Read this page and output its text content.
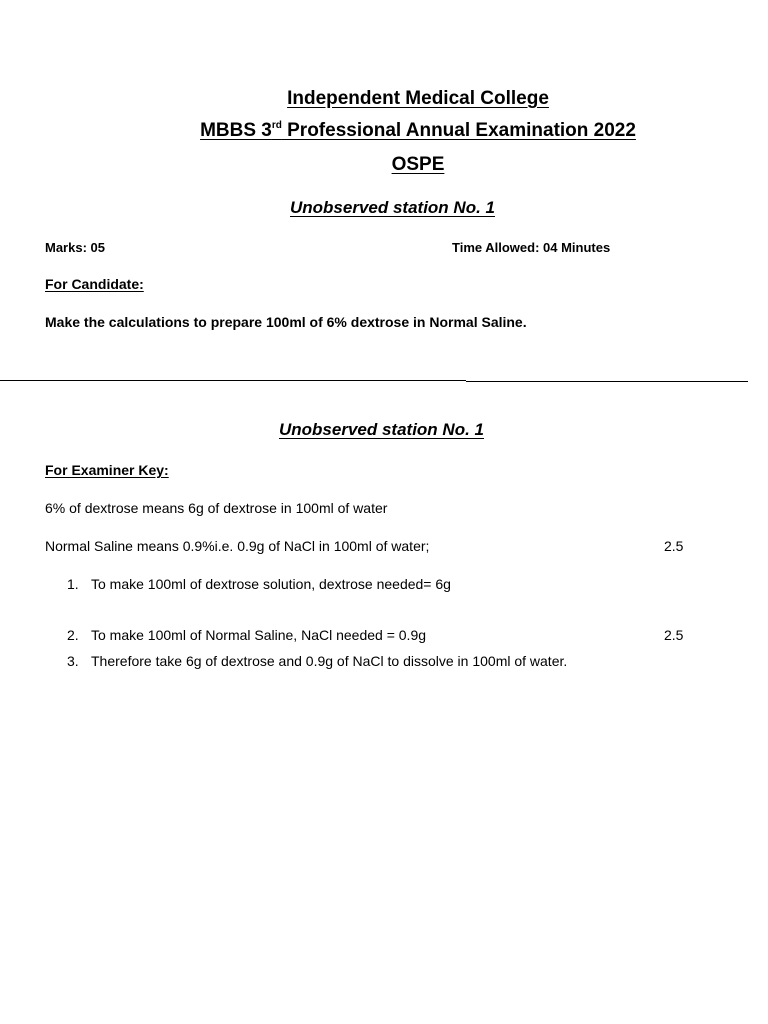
Independent Medical College
MBBS 3rd Professional Annual Examination 2022
OSPE
Unobserved station No. 1
Marks: 05	Time Allowed: 04 Minutes
For Candidate:
Make the calculations to prepare 100ml of 6% dextrose in Normal Saline.
Unobserved station No. 1
For Examiner Key:
6% of dextrose means 6g of dextrose in 100ml of water
Normal Saline means 0.9%i.e. 0.9g of NaCl in 100ml of water;	2.5
1. To make 100ml of dextrose solution, dextrose needed= 6g
2. To make 100ml of Normal Saline, NaCl needed = 0.9g	2.5
3. Therefore take 6g of dextrose and 0.9g of NaCl to dissolve in 100ml of water.
